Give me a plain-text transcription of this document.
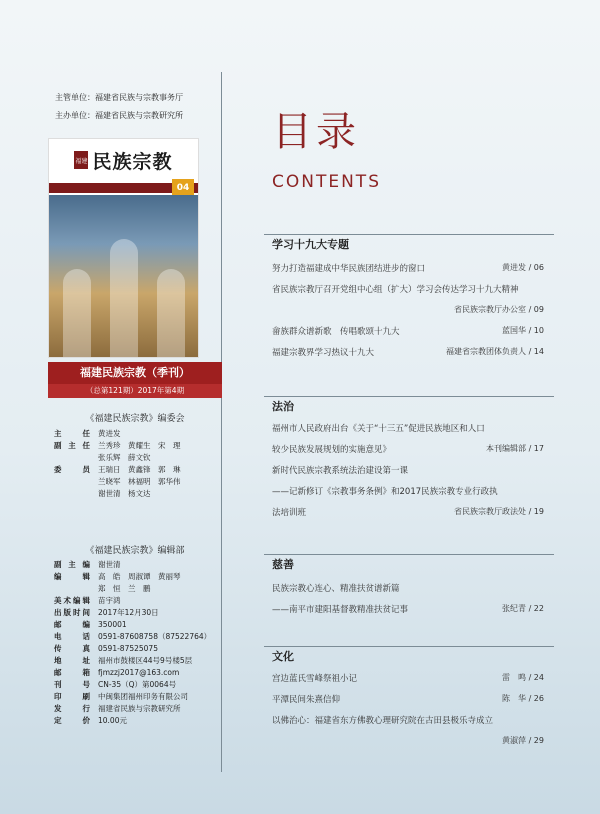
主管单位：福建省民族与宗教事务厅
主办单位：福建省民族与宗教研究所
福建 民族宗教
04
福建民族宗教（季刊）
（总第121期）2017年第4期
《福建民族宗教》编委会
主　任 黄进发
副主任 兰秀珍　黄耀生　宋　理
张乐辉　薛文钦
委　员 王瑞日　黄鑫锋　郭　琳
兰晓军　林福明　郭华伟
谢世清　杨文达
《福建民族宗教》编辑部
副主编 谢世清
编　辑 高　皓　周淑谭　黄丽琴
郑　恒　兰　鹏
美术编辑 苗宇鸿
出版时间 2017年12月30日
邮　编 350001
电　话 0591-87608758（87522764）
传　真 0591-87525075
地　址 福州市鼓楼区44号9号楼5层
邮　箱 fjmzzj2017@163.com
刊　号 CN-35（Q）第0064号
印　刷 中闽集团福州印务有限公司
发　行 福建省民族与宗教研究所
定　价 10.00元
目录
CONTENTS
学习十九大专题
努力打造福建成中华民族团结进步的窗口	黄进发 / 06
省民族宗教厅召开党组中心组（扩大）学习会传达学习十九大精神
省民族宗教厅办公室 / 09
畲族群众谱新歌　传唱歌颂十九大	蓝国华 / 10
福建宗教界学习热议十九大	福建省宗教团体负责人 / 14
法治
福州市人民政府出台《关于“十三五”促进民族地区和人口
较少民族发展规划的实施意见》	本刊编辑部 / 17
新时代民族宗教系统法治建设第一课
——记新修订《宗教事务条例》和2017民族宗教专业行政执
法培训班	省民族宗教厅政法处 / 19
慈善
民族宗教心连心、精准扶贫谱新篇
——南平市建阳基督教精准扶贫记事	张纪青 / 22
文化
宫边蓝氏雪峰祭祖小记	雷　鸣 / 24
平潭民间朱熹信仰	陈　华 / 26
以佛治心：福建省东方佛教心理研究院在古田县极乐寺成立
黄淑萍 / 29
